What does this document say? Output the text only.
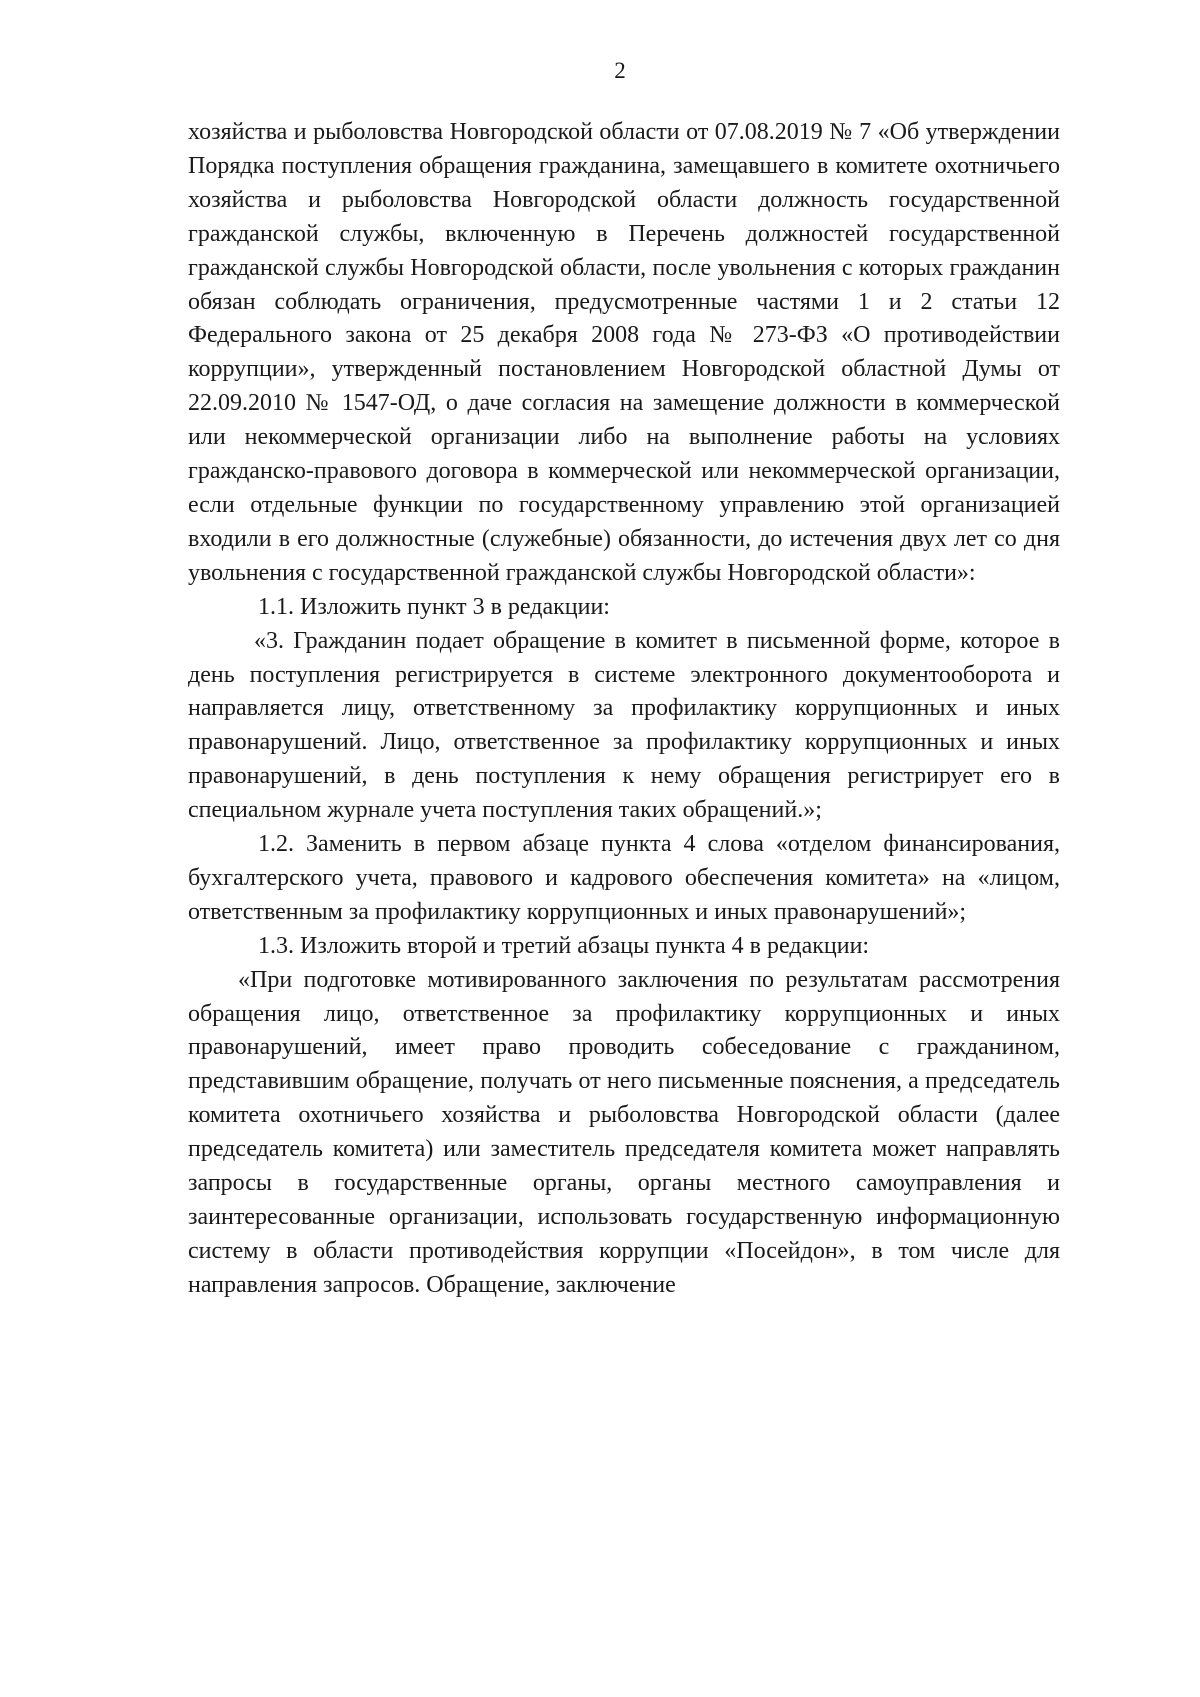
2

хозяйства и рыболовства Новгородской области от 07.08.2019 № 7 «Об утверждении Порядка поступления обращения гражданина, замещавшего в комитете охотничьего хозяйства и рыболовства Новгородской области должность государственной гражданской службы, включенную в Перечень должностей государственной гражданской службы Новгородской области, после увольнения с которых гражданин обязан соблюдать ограничения, предусмотренные частями 1 и 2 статьи 12 Федерального закона от 25 декабря 2008 года № 273-ФЗ «О противодействии коррупции», утвержденный постановлением Новгородской областной Думы от 22.09.2010 № 1547-ОД, о даче согласия на замещение должности в коммерческой или некоммерческой организации либо на выполнение работы на условиях гражданско-правового договора в коммерческой или некоммерческой организации, если отдельные функции по государственному управлению этой организацией входили в его должностные (служебные) обязанности, до истечения двух лет со дня увольнения с государственной гражданской службы Новгородской области»:

1.1. Изложить пункт 3 в редакции:

«3. Гражданин подает обращение в комитет в письменной форме, которое в день поступления регистрируется в системе электронного документооборота и направляется лицу, ответственному за профилактику коррупционных и иных правонарушений. Лицо, ответственное за профилактику коррупционных и иных правонарушений, в день поступления к нему обращения регистрирует его в специальном журнале учета поступления таких обращений.»;

1.2. Заменить в первом абзаце пункта 4 слова «отделом финансирования, бухгалтерского учета, правового и кадрового обеспечения комитета» на «лицом, ответственным за профилактику коррупционных и иных правонарушений»;

1.3. Изложить второй и третий абзацы пункта 4 в редакции:

«При подготовке мотивированного заключения по результатам рассмотрения обращения лицо, ответственное за профилактику коррупционных и иных правонарушений, имеет право проводить собеседование с гражданином, представившим обращение, получать от него письменные пояснения, а председатель комитета охотничьего хозяйства и рыболовства Новгородской области (далее председатель комитета) или заместитель председателя комитета может направлять запросы в государственные органы, органы местного самоуправления и заинтересованные организации, использовать государственную информационную систему в области противодействия коррупции «Посейдон», в том числе для направления запросов. Обращение, заключение
